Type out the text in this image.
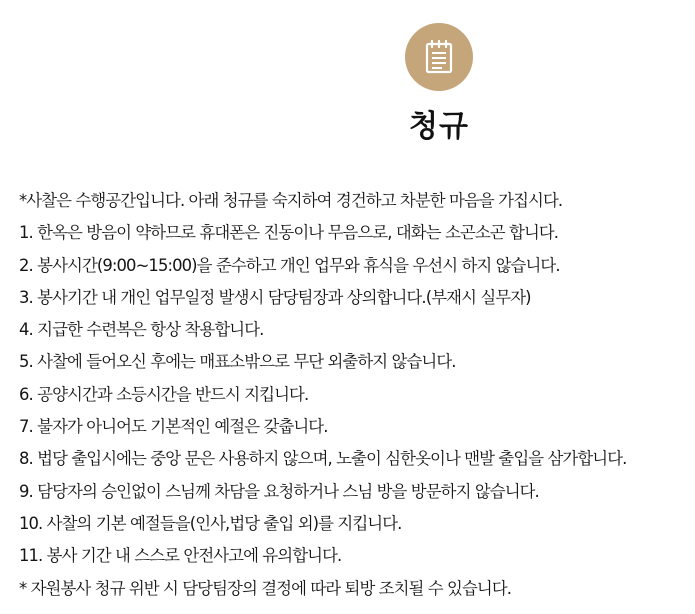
청규
*사찰은 수행공간입니다. 아래 청규를 숙지하여 경건하고 차분한 마음을 가집시다.
1. 한옥은 방음이 약하므로 휴대폰은 진동이나 무음으로, 대화는 소곤소곤 합니다.
2. 봉사시간(9:00~15:00)을 준수하고 개인 업무와 휴식을 우선시 하지 않습니다.
3. 봉사기간 내 개인 업무일정 발생시 담당팀장과 상의합니다.(부재시 실무자)
4. 지급한 수련복은 항상 착용합니다.
5. 사찰에 들어오신 후에는 매표소밖으로 무단 외출하지 않습니다.
6. 공양시간과 소등시간을 반드시 지킵니다.
7. 불자가 아니어도 기본적인 예절은 갖춥니다.
8. 법당 출입시에는 중앙 문은 사용하지 않으며, 노출이 심한옷이나 맨발 출입을 삼가합니다.
9. 담당자의 승인없이 스님께 차담을 요청하거나 스님 방을 방문하지 않습니다.
10. 사찰의 기본 예절들을(인사,법당 출입 외)를 지킵니다.
11. 봉사 기간 내 스스로 안전사고에 유의합니다.
* 자원봉사 청규 위반 시 담당팀장의 결정에 따라 퇴방 조치될 수 있습니다.
